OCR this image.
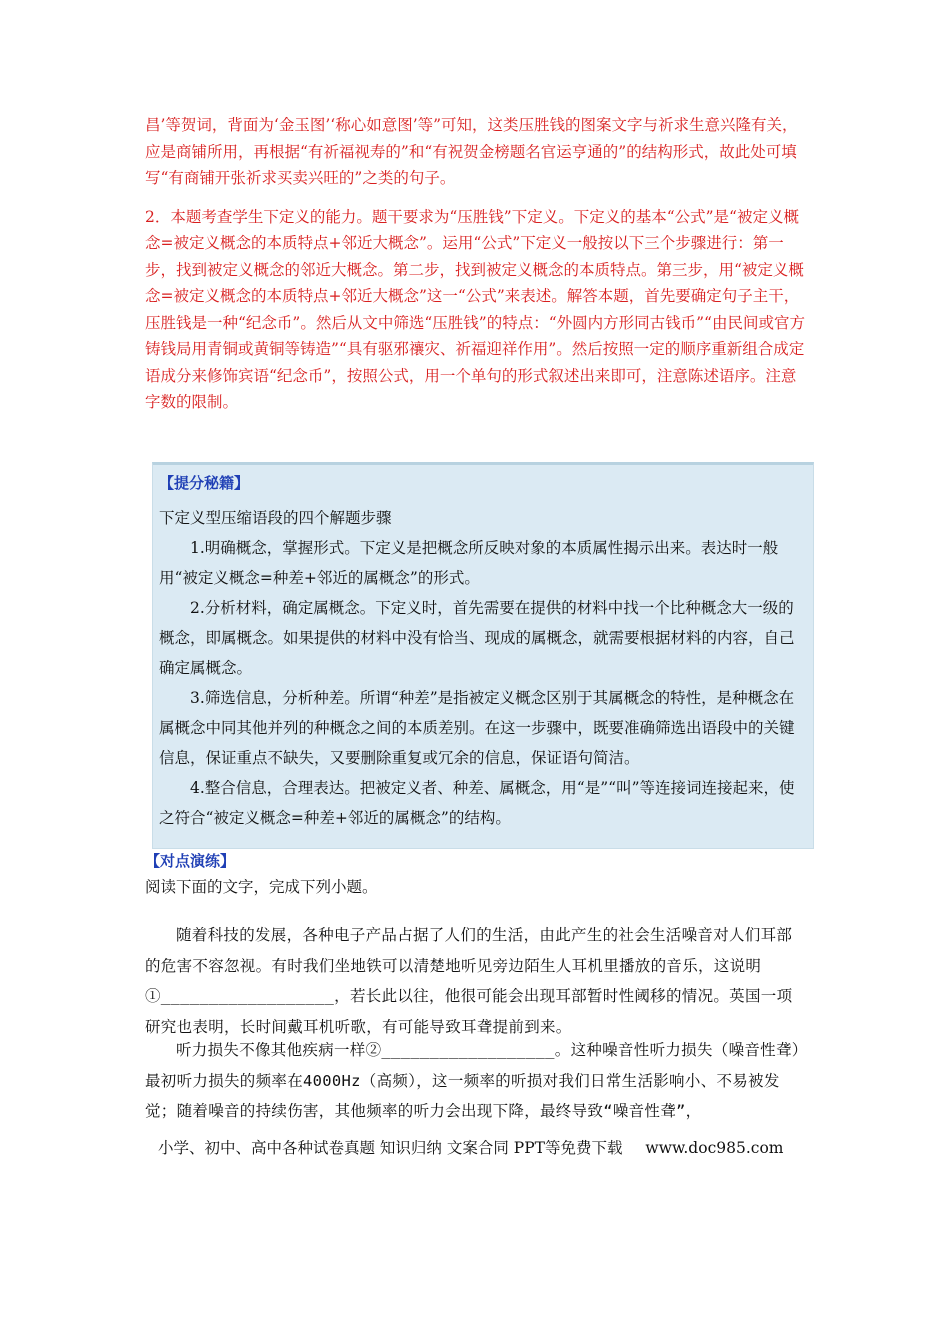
昌’等贺词，背面为‘金玉图’‘称心如意图’等”可知，这类压胜钱的图案文字与祈求生意兴隆有关，应是商铺所用，再根据“有祈福视寿的”和“有祝贺金榜题名官运亨通的”的结构形式，故此处可填写“有商铺开张祈求买卖兴旺的”之类的句子。

2．本题考查学生下定义的能力。题干要求为“压胜钱”下定义。下定义的基本“公式”是“被定义概念=被定义概念的本质特点+邻近大概念”。运用“公式”下定义一般按以下三个步骤进行：第一步，找到被定义概念的邻近大概念。第二步，找到被定义概念的本质特点。第三步，用“被定义概念=被定义概念的本质特点+邻近大概念”这一“公式”来表述。解答本题，首先要确定句子主干，压胜钱是一种“纪念币”。然后从文中筛选“压胜钱”的特点：“外圆内方形同古钱币”“由民间或官方铸钱局用青铜或黄铜等铸造”“具有驱邪禳灾、祈福迎祥作用”。然后按照一定的顺序重新组合成定语成分来修饰宾语“纪念币”，按照公式，用一个单句的形式叙述出来即可，注意陈述语序。注意字数的限制。

【提分秘籍】

下定义型压缩语段的四个解题步骤

1.明确概念，掌握形式。下定义是把概念所反映对象的本质属性揭示出来。表达时一般用“被定义概念=种差+邻近的属概念”的形式。

2.分析材料，确定属概念。下定义时，首先需要在提供的材料中找一个比种概念大一级的概念，即属概念。如果提供的材料中没有恰当、现成的属概念，就需要根据材料的内容，自己确定属概念。

3.筛选信息，分析种差。所谓“种差”是指被定义概念区别于其属概念的特性，是种概念在属概念中同其他并列的种概念之间的本质差别。在这一步骤中，既要准确筛选出语段中的关键信息，保证重点不缺失，又要删除重复或冗余的信息，保证语句简洁。

4.整合信息，合理表达。把被定义者、种差、属概念，用“是”“叫”等连接词连接起来，使之符合“被定义概念=种差+邻近的属概念”的结构。

【对点演练】
阅读下面的文字，完成下列小题。

随着科技的发展，各种电子产品占据了人们的生活，由此产生的社会生活噪音对人们耳部的危害不容忽视。有时我们坐地铁可以清楚地听见旁边陌生人耳机里播放的音乐，这说明①__________________，若长此以往，他很可能会出现耳部暂时性阈移的情况。英国一项研究也表明，长时间戴耳机听歌，有可能导致耳聋提前到来。

听力损失不像其他疾病一样②__________________。这种噪音性听力损失（噪音性聋）最初听力损失的频率在4000Hz（高频），这一频率的听损对我们日常生活影响小、不易被发觉；随着噪音的持续伤害，其他频率的听力会出现下降，最终导致“噪音性聋”，

小学、初中、高中各种试卷真题 知识归纳 文案合同 PPT等免费下载 www.doc985.com
